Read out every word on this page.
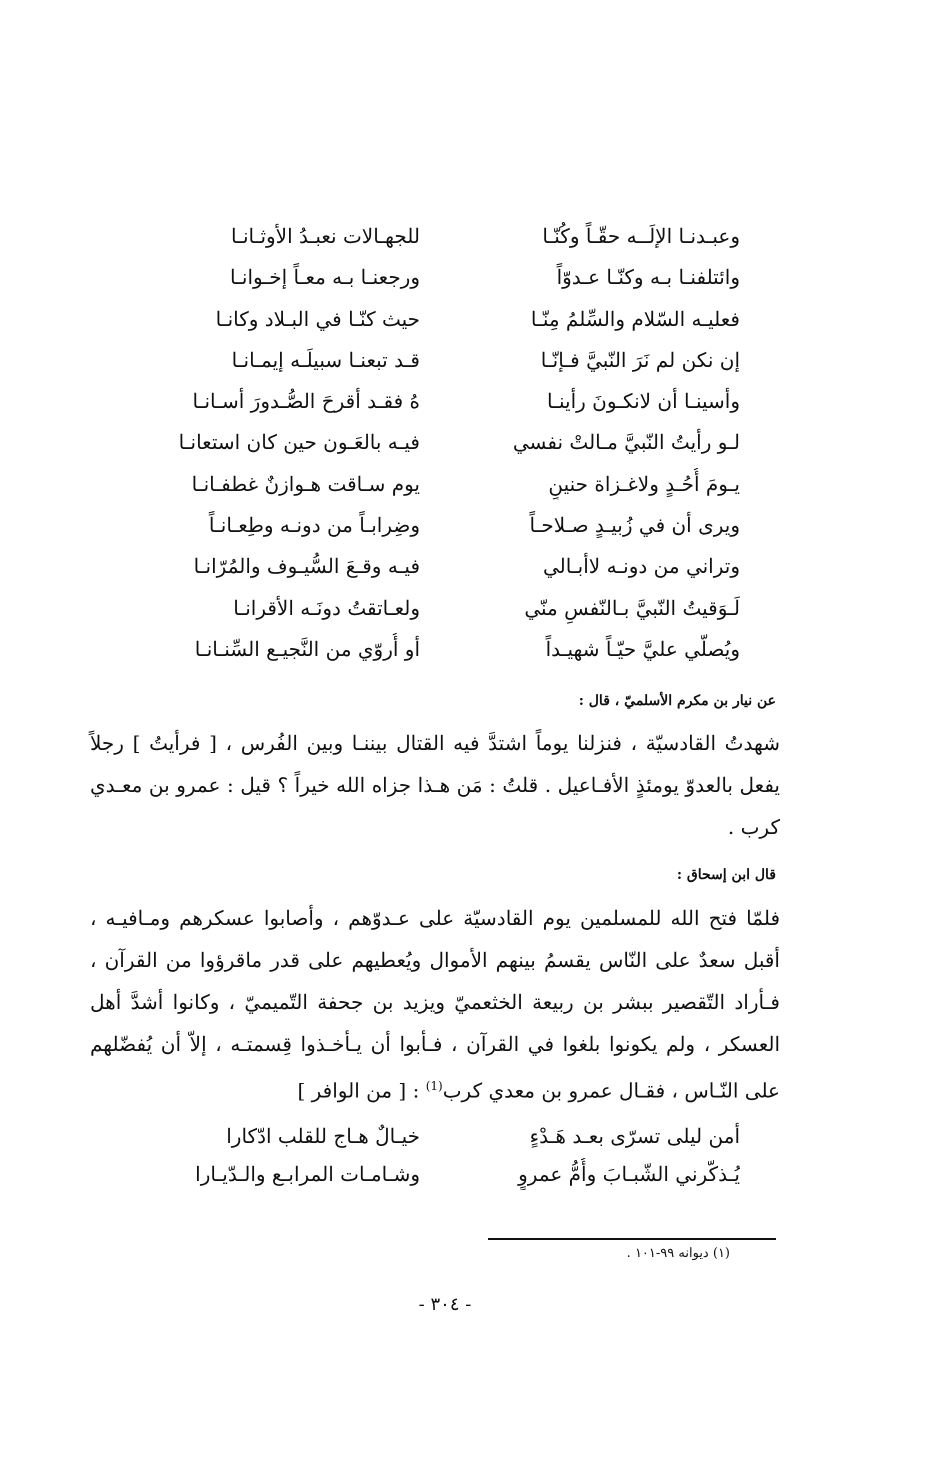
وعبـدنـا الإلَــه حقّـاً وكُنّـا
للجهـالات نعبـدُ الأوثـانـا
وائتلفنـا بـه وكنّـا عـدوّاً
ورجعنـا بـه معـاً إخـوانـا
فعليـه السّلام والسِّلمُ مِنّـا
حيث كنّـا في البـلاد وكانـا
إن نكن لم نَرَ النّبيَّ فـإنّـا
قـد تبعنـا سبيلَـه إيمـانـا
وأسينـا أن لانكـونَ رأينـا
هُ فقـد أقرحَ الصُّـدورَ أسـانـا
لـو رأيتُ النّبيَّ مـالتْ نفسي
فيـه بالعَـون حين كان استعانـا
يـومَ أُحُـدٍ ولاغـزاة حنينٍ
يوم سـاقت هـوازنٌ غطفـانـا
ويرى أن في زُبيـدٍ صـلاحـاً
وضِرابـاً من دونـه وطِعـانـاً
وتراني من دونـه لاأبـالي
فيـه وقـعَ السُّيـوف والمُرّانـا
لَـوَقيتُ النّبيَّ بـالنّفسِ منّي
ولعـاتقتُ دونَـه الأقرانـا
ويُصلّي عليَّ حيّـاً شهيـداً
أو أُروّي من النَّجيـع السِّنـانـا
عن نيار بن مكرم الأسلميّ ، قال :
شهدتُ القادسيّة ، فنزلنا يوماً اشتدَّ فيه القتال بيننـا وبين الفُرس ، [ فرأيتُ ] رجلاً يفعل بالعدوّ يومئذٍ الأفـاعيل . قلتُ : مَن هـذا جزاه الله خيراً ؟ قيل : عمرو بن معـدي كرب .
قال ابن إسحاق :
فلمّا فتح الله للمسلمين يوم القادسيّة على عـدوّهم ، وأصابوا عسكرهم ومـافيـه ، أقبل سعدٌ على النّاس يقسمُ بينهم الأموال ويُعطيهم على قدر ماقرؤوا من القرآن ، فـأراد التّقصير ببشر بن ربيعة الخثعميّ ويزيد بن جحفة التّميميّ ، وكانوا أشدَّ أهل العسكر ، ولم يكونوا بلغوا في القرآن ، فـأبوا أن يـأخـذوا قِسمتـه ، إلاّ أن يُفضّلهم على النّـاس ، فقـال عمرو بن معدي كرب$^{(1)}$ : [ من الوافر ]
أمن ليلى تسرّى بعـد هَـدْءٍ
خيـالٌ هـاج للقلب ادّكارا
يُـذكّرني الشّبـابَ وأُمُّ عمروٍ
وشـامـات المرابـع والـدّيـارا
(١) ديوانه ٩٩-١٠١ .
- ٣٠٤ -
